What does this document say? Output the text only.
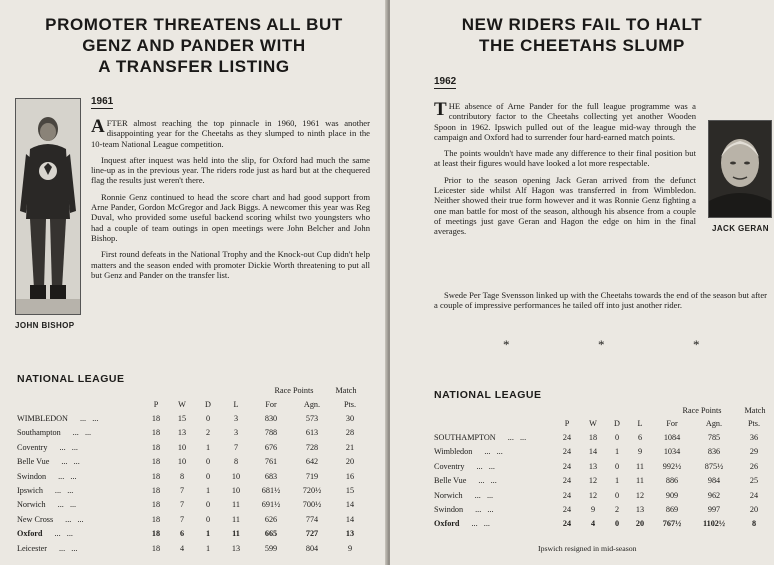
PROMOTER THREATENS ALL BUT
GENZ AND PANDER WITH
A TRANSFER LISTING
JOHN BISHOP
1961

AFTER almost reaching the top pinnacle in 1960, 1961 was another disappointing year for the Cheetahs as they slumped to ninth place in the 10-team National League competition.

Inquest after inquest was held into the slip, for Oxford had much the same line-up as in the previous year. The riders rode just as hard but at the chequered flag the results just weren't there.

Ronnie Genz continued to head the score chart and had good support from Arne Pander, Gordon McGregor and Jack Biggs. A newcomer this year was Reg Duval, who provided some useful backend scoring whilst two youngsters who had a couple of team outings in open meetings were John Belcher and John Bishop.

First round defeats in the National Trophy and the Knock-out Cup didn't help matters and the season ended with promoter Dickie Worth threatening to put all but Genz and Pander on the transfer list.

NATIONAL LEAGUE
Race Points	Match
	P	W	D	L	For	Agn.	Pts.
WIMBLEDON ...   ...	18	15	0	3	830	573	30
Southampton ...   ...	18	13	2	3	788	613	28
Coventry ...   ...	18	10	1	7	676	728	21
Belle Vue ...   ...	18	10	0	8	761	642	20
Swindon ...   ...	18	8	0	10	683	719	16
Ipswich ...   ...	18	7	1	10	681½	720½	15
Norwich ...   ...	18	7	0	11	691½	700½	14
New Cross ...   ...	18	7	0	11	626	774	14
Oxford ...   ...	18	6	1	11	665	727	13
Leicester ...   ...	18	4	1	13	599	804	9
NEW RIDERS FAIL TO HALT
THE CHEETAHS SLUMP
1962

THE absence of Arne Pander for the full league programme was a contributory factor to the Cheetahs collecting yet another Wooden Spoon in 1962. Ipswich pulled out of the league mid-way through the campaign and Oxford had to surrender four hard-earned match points.

The points wouldn't have made any difference to their final position but at least their figures would have looked a lot more respectable.

Prior to the season opening Jack Geran arrived from the defunct Leicester side whilst Alf Hagon was transferred in from Wimbledon. Neither showed their true form however and it was Ronnie Genz fighting a one man battle for most of the season, although his absence from a couple of meetings just gave Geran and Hagon the edge on him in the final averages.

Swede Per Tage Svensson linked up with the Cheetahs towards the end of the season but after a couple of impressive performances he tailed off into just another rider.

JACK GERAN
*	*	*
NATIONAL LEAGUE
Race Points	Match
	P	W	D	L	For	Agn.	Pts.
SOUTHAMPTON ...   ...	24	18	0	6	1084	785	36
Wimbledon ...   ...	24	14	1	9	1034	836	29
Coventry ...   ...	24	13	0	11	992½	875½	26
Belle Vue ...   ...	24	12	1	11	886	984	25
Norwich ...   ...	24	12	0	12	909	962	24
Swindon ...   ...	24	9	2	13	869	997	20
Oxford ...   ...	24	4	0	20	767½	1102½	8
Ipswich resigned in mid-season
